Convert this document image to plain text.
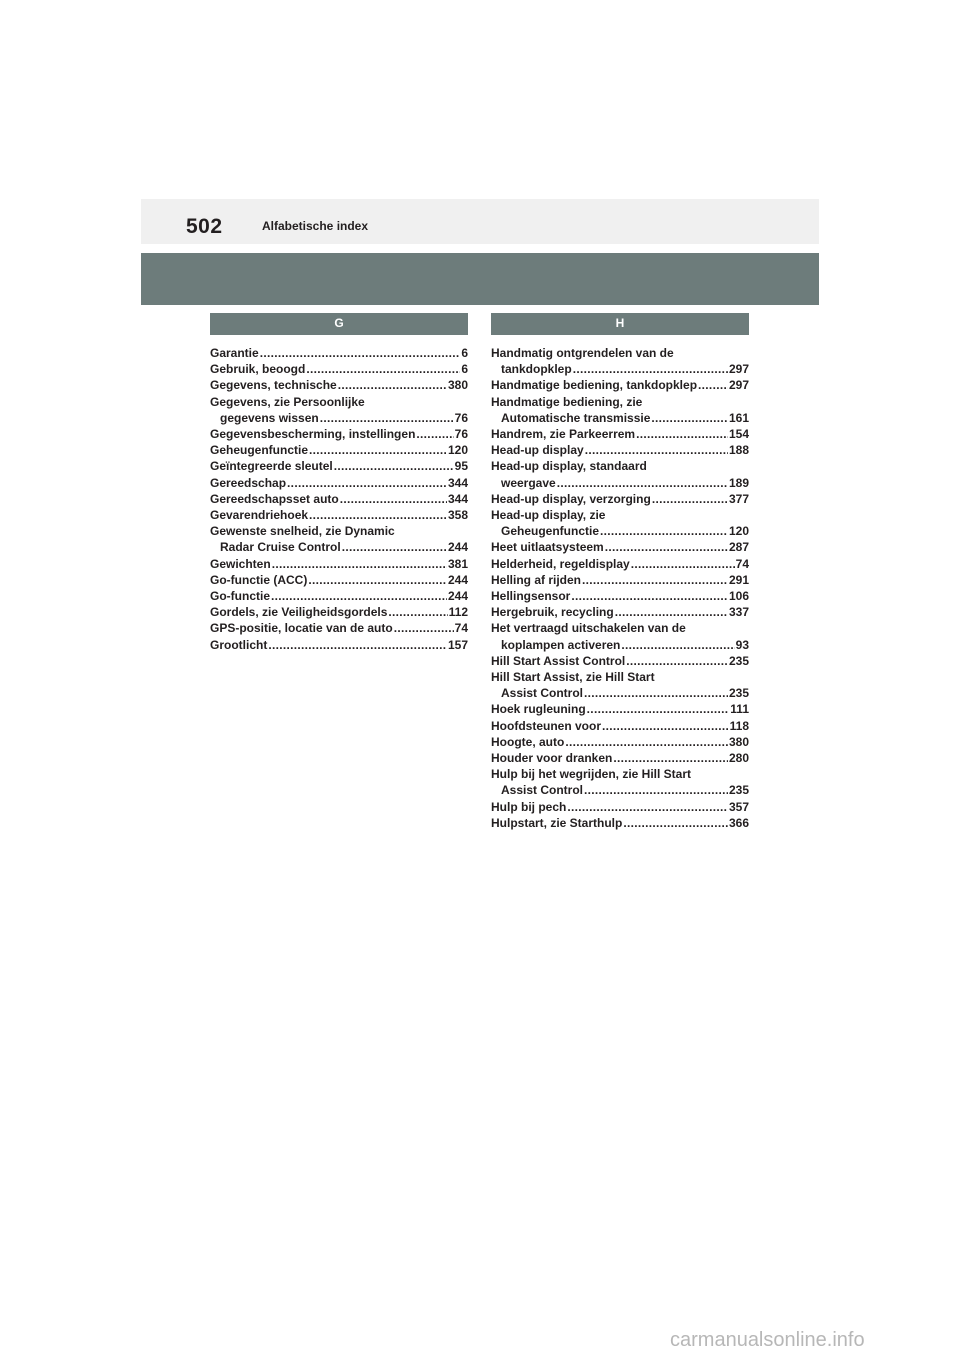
502	Alfabetische index
G
Garantie .....	6
Gebruik, beoogd .....	6
Gegevens, technische .....	380
Gegevens, zie Persoonlijke
gegevens wissen .....	76
Gegevensbescherming, instellingen .....	76
Geheugenfunctie .....	120
Geïntegreerde sleutel .....	95
Gereedschap .....	344
Gereedschapsset auto .....	344
Gevarendriehoek .....	358
Gewenste snelheid, zie Dynamic
Radar Cruise Control .....	244
Gewichten .....	381
Go-functie (ACC) .....	244
Go-functie .....	244
Gordels, zie Veiligheidsgordels .....	112
GPS-positie, locatie van de auto .....	74
Grootlicht .....	157
H
Handmatig ontgrendelen van de
tankdopklep .....	297
Handmatige bediening, tankdopklep .....	297
Handmatige bediening, zie
Automatische transmissie .....	161
Handrem, zie Parkeerrem .....	154
Head-up display .....	188
Head-up display, standaard
weergave .....	189
Head-up display, verzorging .....	377
Head-up display, zie
Geheugenfunctie .....	120
Heet uitlaatsysteem .....	287
Helderheid, regeldisplay .....	74
Helling af rijden .....	291
Hellingsensor .....	106
Hergebruik, recycling .....	337
Het vertraagd uitschakelen van de
koplampen activeren .....	93
Hill Start Assist Control .....	235
Hill Start Assist, zie Hill Start
Assist Control .....	235
Hoek rugleuning .....	111
Hoofdsteunen voor .....	118
Hoogte, auto .....	380
Houder voor dranken .....	280
Hulp bij het wegrijden, zie Hill Start
Assist Control .....	235
Hulp bij pech .....	357
Hulpstart, zie Starthulp .....	366
carmanualsonline.info
